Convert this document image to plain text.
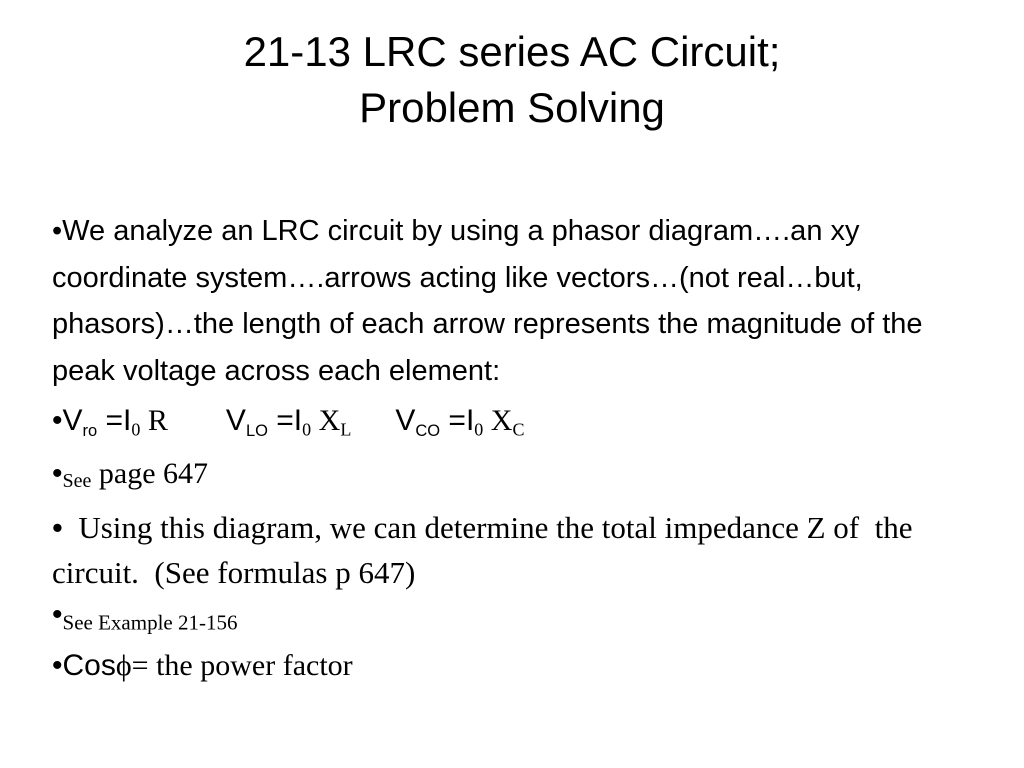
21-13 LRC series AC Circuit;
Problem Solving
•We analyze an LRC circuit by using a phasor diagram….an xy coordinate system….arrows acting like vectors…(not real…but, phasors)…the length of each arrow represents the magnitude of the peak voltage across each element:
$•V_{ro} =I0$ R $V_{LO} =I0$ XL $V_{CO} =I0$ XC
•See page 647
•  Using this diagram, we can determine the total impedance Z of  the circuit.  (See formulas p 647)
•See Example 21-156
•Cosϕ= the power factor
